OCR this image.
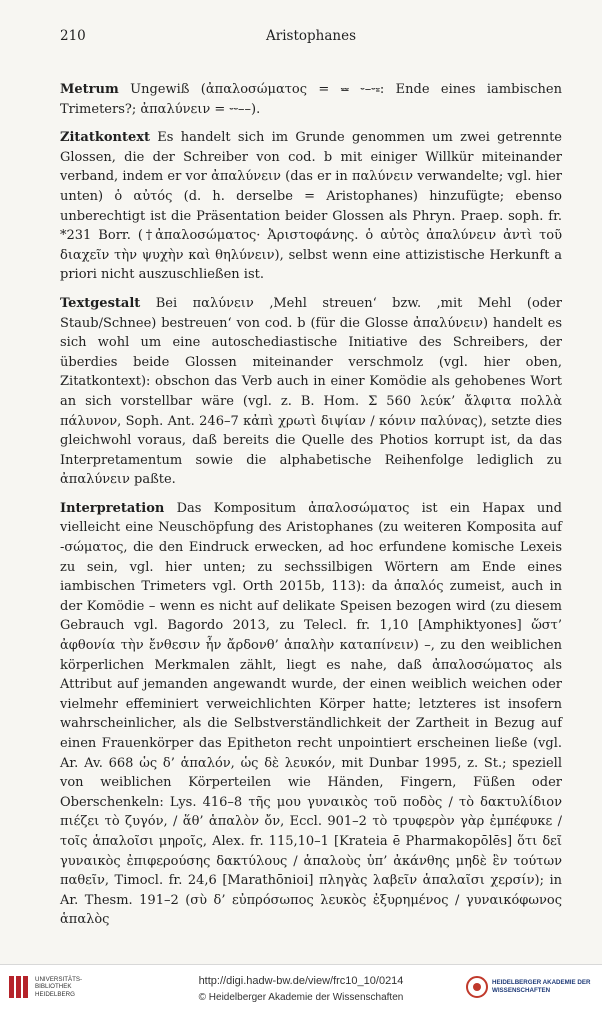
210	Aristophanes

Metrum Ungewiß (ἀπαλοσώματος = ⏕ ⏑–⏑⏓: Ende eines iambischen Trimeters?; ἀπαλύνειν = ⏑⏑––).

Zitatkontext Es handelt sich im Grunde genommen um zwei getrennte Glossen, die der Schreiber von cod. b mit einiger Willkür miteinander verband, indem er vor ἀπαλύνειν (das er in παλύνειν verwandelte; vgl. hier unten) ὁ αὐτός (d. h. derselbe = Aristophanes) hinzufügte; ebenso unberechtigt ist die Präsentation beider Glossen als Phryn. Praep. soph. fr. *231 Borr. (†ἀπαλοσώματος· Ἀριστοφάνης. ὁ αὐτὸς ἀπαλύνειν ἀντὶ τοῦ διαχεῖν τὴν ψυχὴν καὶ θηλύνειν), selbst wenn eine attizistische Herkunft a priori nicht auszuschließen ist.

Textgestalt Bei παλύνειν ‚Mehl streuen‘ bzw. ‚mit Mehl (oder Staub/Schnee) bestreuen‘ von cod. b (für die Glosse ἀπαλύνειν) handelt es sich wohl um eine autoschediastische Initiative des Schreibers, der überdies beide Glossen miteinander verschmolz (vgl. hier oben, Zitatkontext): obschon das Verb auch in einer Komödie als gehobenes Wort an sich vorstellbar wäre (vgl. z. B. Hom. Σ 560 λεύκ’ ἄλφιτα πολλὰ πάλυνον, Soph. Ant. 246–7 κἀπὶ χρωτὶ διψίαν / κόνιν παλύνας), setzte dies gleichwohl voraus, daß bereits die Quelle des Photios korrupt ist, da das Interpretamentum sowie die alphabetische Reihenfolge lediglich zu ἀπαλύνειν paßte.

Interpretation Das Kompositum ἀπαλοσώματος ist ein Hapax und vielleicht eine Neuschöpfung des Aristophanes (zu weiteren Komposita auf -σώματος, die den Eindruck erwecken, ad hoc erfundene komische Lexeis zu sein, vgl. hier unten; zu sechssilbigen Wörtern am Ende eines iambischen Trimeters vgl. Orth 2015b, 113): da ἁπαλός zumeist, auch in der Komödie – wenn es nicht auf delikate Speisen bezogen wird (zu diesem Gebrauch vgl. Bagordo 2013, zu Telecl. fr. 1,10 [Amphiktyones] ὥστ’ ἀφθονία τὴν ἔνθεσιν ἦν ἄρδονθ’ ἁπαλὴν καταπίνειν) –, zu den weiblichen körperlichen Merkmalen zählt, liegt es nahe, daß ἀπαλοσώματος als Attribut auf jemanden angewandt wurde, der einen weiblich weichen oder vielmehr effeminiert verweichlichten Körper hatte; letzteres ist insofern wahrscheinlicher, als die Selbstverständlichkeit der Zartheit in Bezug auf einen Frauenkörper das Epitheton recht unpointiert erscheinen ließe (vgl. Ar. Av. 668 ὡς δ’ ἁπαλόν, ὡς δὲ λευκόν, mit Dunbar 1995, z. St.; speziell von weiblichen Körperteilen wie Händen, Fingern, Füßen oder Oberschenkeln: Lys. 416–8 τῆς μου γυναικὸς τοῦ ποδὸς / τὸ δακτυλίδιον πιέζει τὸ ζυγόν, / ἅθ’ ἁπαλὸν ὄν, Eccl. 901–2 τὸ τρυφερὸν γὰρ ἐμπέφυκε / τοῖς ἁπαλοῖσι μηροῖς, Alex. fr. 115,10–1 [Krateia ē Pharmakopōlēs] ὅτι δεῖ γυναικὸς ἐπιφερούσης δακτύλους / ἁπαλοὺς ὑπ’ ἀκάνθης μηδὲ ἓν τούτων παθεῖν, Timocl. fr. 24,6 [Marathōnioi] πληγὰς λαβεῖν ἁπαλαῖσι χερσίν); in Ar. Thesm. 191–2 (σὺ δ’ εὐπρόσωπος λευκὸς ἐξυρημένος / γυναικόφωνος ἁπαλὸς

UNIVERSITÄTS-BIBLIOTHEK HEIDELBERG
http://digi.hadw-bw.de/view/frc10_10/0214
© Heidelberger Akademie der Wissenschaften
HEIDELBERGER AKADEMIE DER WISSENSCHAFTEN
